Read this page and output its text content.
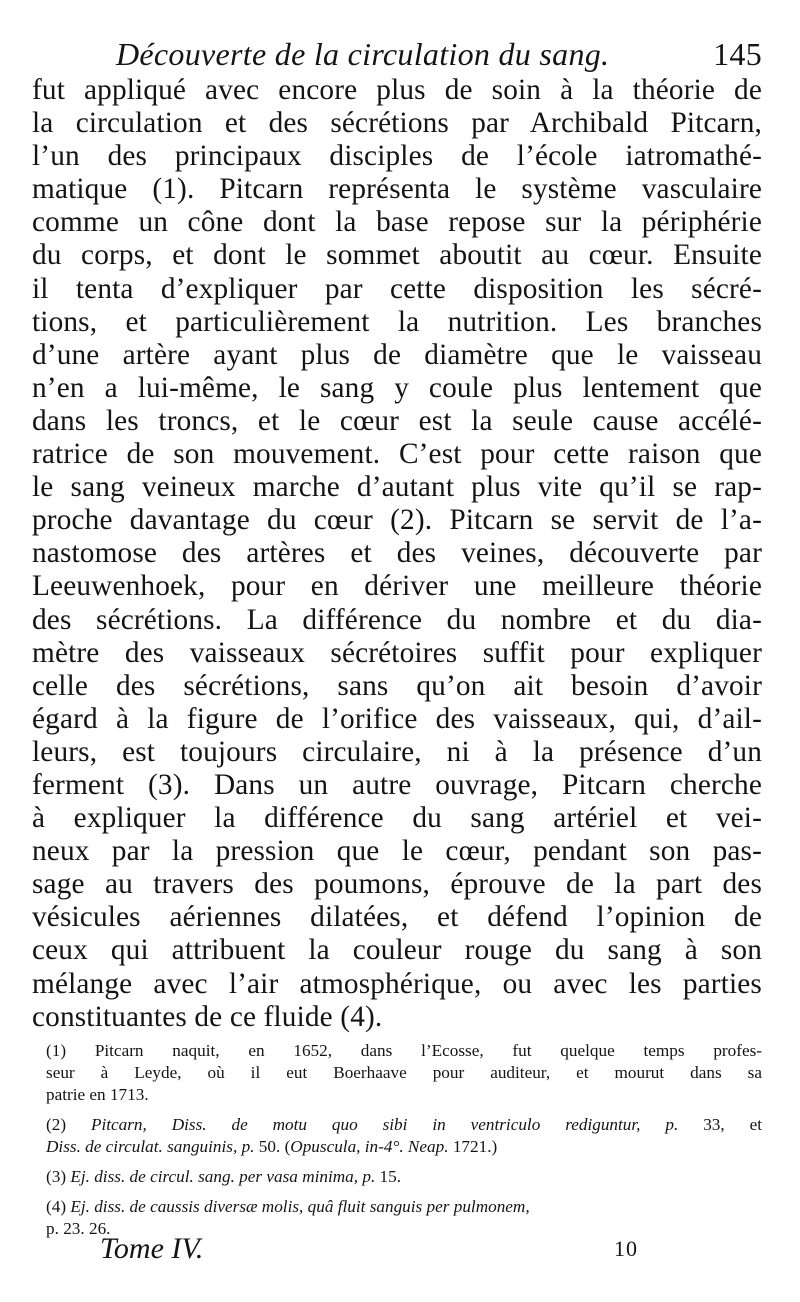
Découverte de la circulation du sang.	145
fut appliqué avec encore plus de soin à la théorie de
la circulation et des sécrétions par Archibald Pitcarn,
l’un des principaux disciples de l’école iatromathé-
matique (1). Pitcarn représenta le système vasculaire
comme un cône dont la base repose sur la périphérie
du corps, et dont le sommet aboutit au cœur. Ensuite
il tenta d’expliquer par cette disposition les sécré-
tions, et particulièrement la nutrition. Les branches
d’une artère ayant plus de diamètre que le vaisseau
n’en a lui-même, le sang y coule plus lentement que
dans les troncs, et le cœur est la seule cause accélé-
ratrice de son mouvement. C’est pour cette raison que
le sang veineux marche d’autant plus vite qu’il se rap-
proche davantage du cœur (2). Pitcarn se servit de l’a-
nastomose des artères et des veines, découverte par
Leeuwenhoek, pour en dériver une meilleure théorie
des sécrétions. La différence du nombre et du dia-
mètre des vaisseaux sécrétoires suffit pour expliquer
celle des sécrétions, sans qu’on ait besoin d’avoir
égard à la figure de l’orifice des vaisseaux, qui, d’ail-
leurs, est toujours circulaire, ni à la présence d’un
ferment (3). Dans un autre ouvrage, Pitcarn cherche
à expliquer la différence du sang artériel et vei-
neux par la pression que le cœur, pendant son pas-
sage au travers des poumons, éprouve de la part des
vésicules aériennes dilatées, et défend l’opinion de
ceux qui attribuent la couleur rouge du sang à son
mélange avec l’air atmosphérique, ou avec les parties
constituantes de ce fluide (4).
(1) Pitcarn naquit, en 1652, dans l’Ecosse, fut quelque temps profes-
seur à Leyde, où il eut Boerhaave pour auditeur, et mourut dans sa
patrie en 1713.
(2) Pitcarn, Diss. de motu quo sibi in ventriculo rediguntur, p. 33, et
Diss. de circulat. sanguinis, p. 50. (Opuscula, in-4°. Neap. 1721.)
(3) Ej. diss. de circul. sang. per vasa minima, p. 15.
(4) Ej. diss. de caussis diversæ molis, quâ fluit sanguis per pulmonem,
p. 23. 26.
Tome IV.	10
